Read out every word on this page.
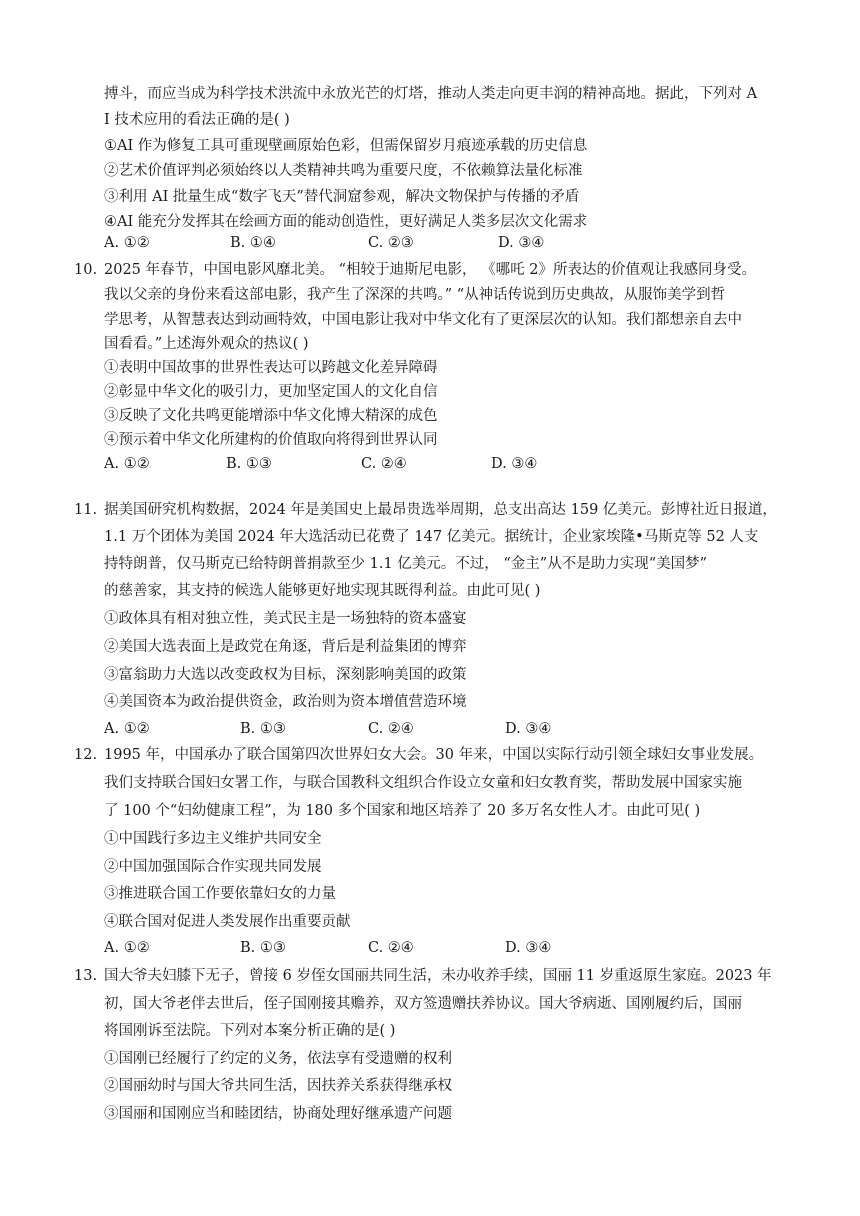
搏斗，而应当成为科学技术洪流中永放光芒的灯塔，推动人类走向更丰润的精神高地。据此，下列对 A
I 技术应用的看法正确的是( )
①AI 作为修复工具可重现壁画原始色彩，但需保留岁月痕迹承载的历史信息
②艺术价值评判必须始终以人类精神共鸣为重要尺度，不依赖算法量化标准
③利用 AI 批量生成“数字飞天”替代洞窟参观，解决文物保护与传播的矛盾
④AI 能充分发挥其在绘画方面的能动创造性，更好满足人类多层次文化需求
A. ①②	B. ①④	C. ②③	D. ③④
10. 2025 年春节，中国电影风靡北美。 “相较于迪斯尼电影， 《哪吒 2》所表达的价值观让我感同身受。
我以父亲的身份来看这部电影，我产生了深深的共鸣。” “从神话传说到历史典故，从服饰美学到哲
学思考，从智慧表达到动画特效，中国电影让我对中华文化有了更深层次的认知。我们都想亲自去中
国看看。”上述海外观众的热议( )
①表明中国故事的世界性表达可以跨越文化差异障碍
②彰显中华文化的吸引力，更加坚定国人的文化自信
③反映了文化共鸣更能增添中华文化博大精深的成色
④预示着中华文化所建构的价值取向将得到世界认同
A. ①②	B. ①③	C. ②④	D. ③④
11. 据美国研究机构数据，2024 年是美国史上最昂贵选举周期，总支出高达 159 亿美元。彭博社近日报道，
1.1 万个团体为美国 2024 年大选活动已花费了 147 亿美元。据统计，企业家埃隆•马斯克等 52 人支
持特朗普，仅马斯克已给特朗普捐款至少 1.1 亿美元。不过， “金主”从不是助力实现“美国梦”
的慈善家，其支持的候选人能够更好地实现其既得利益。由此可见( )
①政体具有相对独立性，美式民主是一场独特的资本盛宴
②美国大选表面上是政党在角逐，背后是利益集团的博弈
③富翁助力大选以改变政权为目标，深刻影响美国的政策
④美国资本为政治提供资金，政治则为资本增值营造环境
A. ①②	B. ①③	C. ②④	D. ③④
12. 1995 年，中国承办了联合国第四次世界妇女大会。30 年来，中国以实际行动引领全球妇女事业发展。
我们支持联合国妇女署工作，与联合国教科文组织合作设立女童和妇女教育奖，帮助发展中国家实施
了 100 个“妇幼健康工程”，为 180 多个国家和地区培养了 20 多万名女性人才。由此可见( )
①中国践行多边主义维护共同安全
②中国加强国际合作实现共同发展
③推进联合国工作要依靠妇女的力量
④联合国对促进人类发展作出重要贡献
A. ①②	B. ①③	C. ②④	D. ③④
13. 国大爷夫妇膝下无子，曾接 6 岁侄女国丽共同生活，未办收养手续，国丽 11 岁重返原生家庭。2023 年
初，国大爷老伴去世后，侄子国刚接其赡养，双方签遗赠扶养协议。国大爷病逝、国刚履约后，国丽
将国刚诉至法院。下列对本案分析正确的是( )
①国刚已经履行了约定的义务，依法享有受遗赠的权利
②国丽幼时与国大爷共同生活，因扶养关系获得继承权
③国丽和国刚应当和睦团结，协商处理好继承遗产问题
